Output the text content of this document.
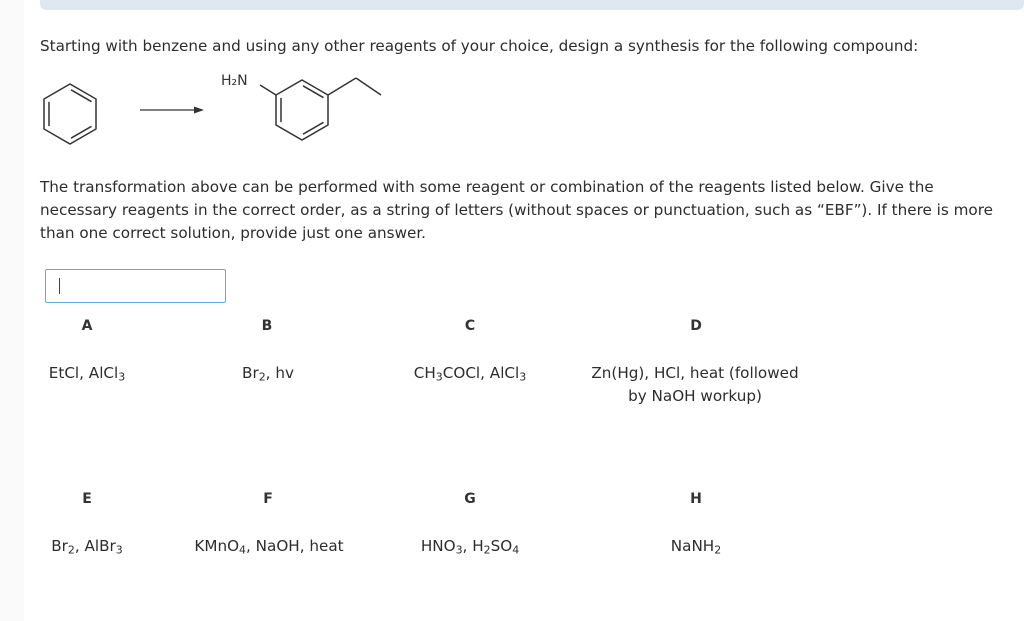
Starting with benzene and using any other reagents of your choice, design a synthesis for the following compound:
H₂N
The transformation above can be performed with some reagent or combination of the reagents listed below. Give the necessary reagents in the correct order, as a string of letters (without spaces or punctuation, such as “EBF”). If there is more than one correct solution, provide just one answer.
A	B	C	D
EtCl, AlCl$_3$	$Br_2$, hv	$CH_3COCl$, AlCl$_3$	Zn(Hg), HCl, heat (followed
by NaOH workup)
E	F	G	H
$Br_2$, AlBr$_3$	KMnO$_4$, NaOH, heat	$HNO_3$, $H_2SO_4$	NaNH$_2$
